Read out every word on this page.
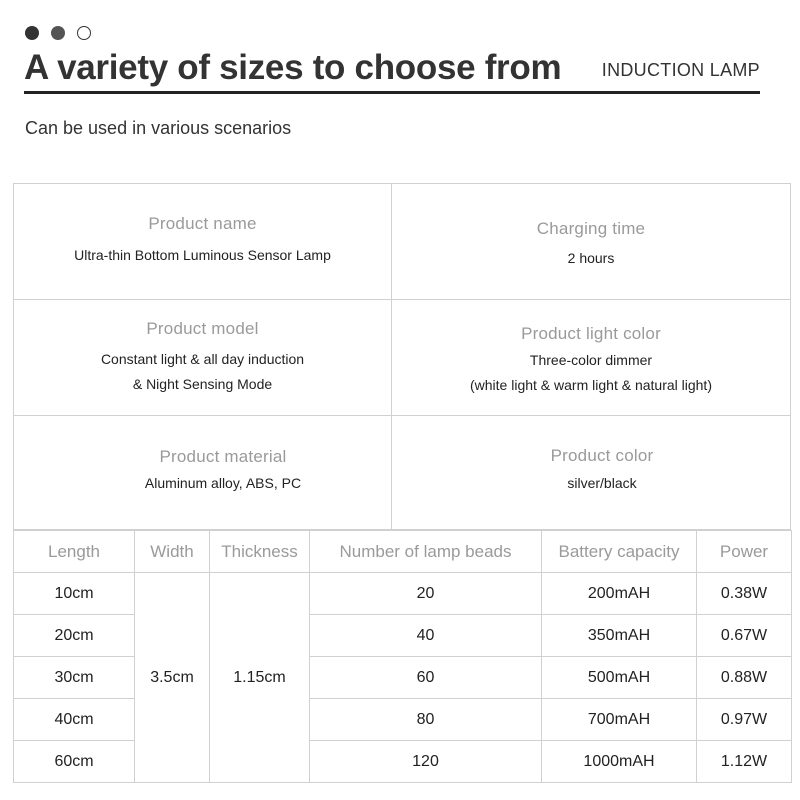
A variety of sizes to choose from INDUCTION LAMP
Can be used in various scenarios
Product name
Ultra-thin Bottom Luminous Sensor Lamp
Charging time
2 hours
Product model
Constant light & all day induction
& Night Sensing Mode
Product light color
Three-color dimmer
(white light & warm light & natural light)
Product material
Aluminum alloy, ABS, PC
Product color
silver/black
Length	Width	Thickness	Number of lamp beads	Battery capacity	Power
10cm	3.5cm	1.15cm	20	200mAH	0.38W
20cm			40	350mAH	0.67W
30cm			60	500mAH	0.88W
40cm			80	700mAH	0.97W
60cm			120	1000mAH	1.12W
